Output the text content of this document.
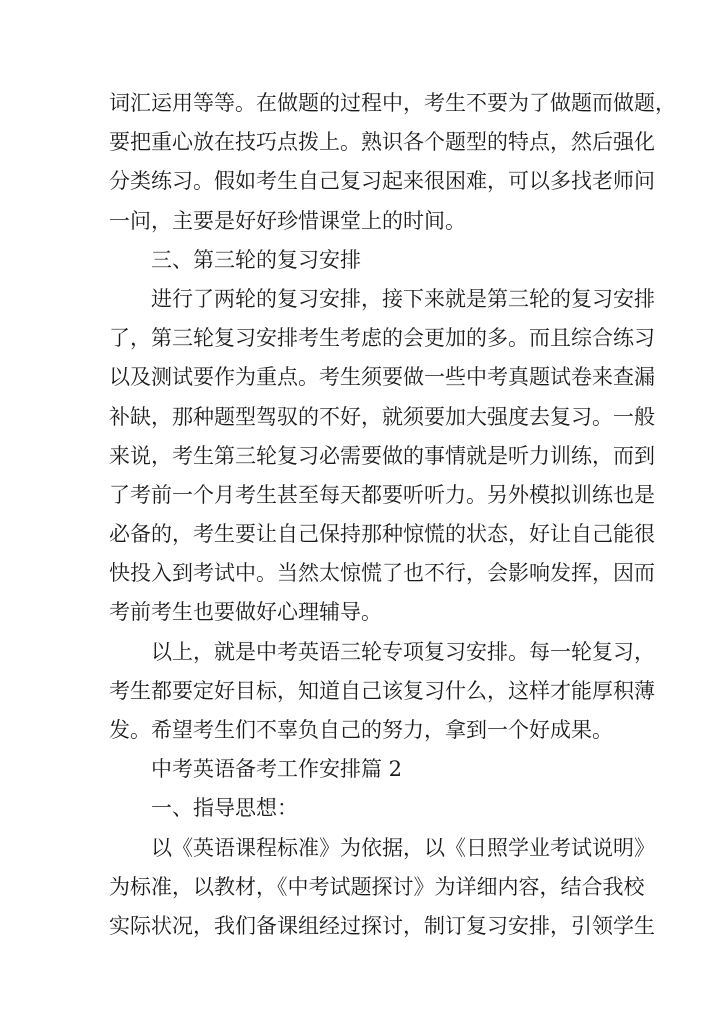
词汇运用等等。在做题的过程中，考生不要为了做题而做题，
要把重心放在技巧点拨上。熟识各个题型的特点，然后强化
分类练习。假如考生自己复习起来很困难，可以多找老师问
一问，主要是好好珍惜课堂上的时间。
三、第三轮的复习安排
进行了两轮的复习安排，接下来就是第三轮的复习安排
了，第三轮复习安排考生考虑的会更加的多。而且综合练习
以及测试要作为重点。考生须要做一些中考真题试卷来查漏
补缺，那种题型驾驭的不好，就须要加大强度去复习。一般
来说，考生第三轮复习必需要做的事情就是听力训练，而到
了考前一个月考生甚至每天都要听听力。另外模拟训练也是
必备的，考生要让自己保持那种惊慌的状态，好让自己能很
快投入到考试中。当然太惊慌了也不行，会影响发挥，因而
考前考生也要做好心理辅导。
以上，就是中考英语三轮专项复习安排。每一轮复习，
考生都要定好目标，知道自己该复习什么，这样才能厚积薄
发。希望考生们不辜负自己的努力，拿到一个好成果。
中考英语备考工作安排篇 2
一、指导思想：
以《英语课程标准》为依据，以《日照学业考试说明》
为标准，以教材，《中考试题探讨》为详细内容，结合我校
实际状况，我们备课组经过探讨，制订复习安排，引领学生
